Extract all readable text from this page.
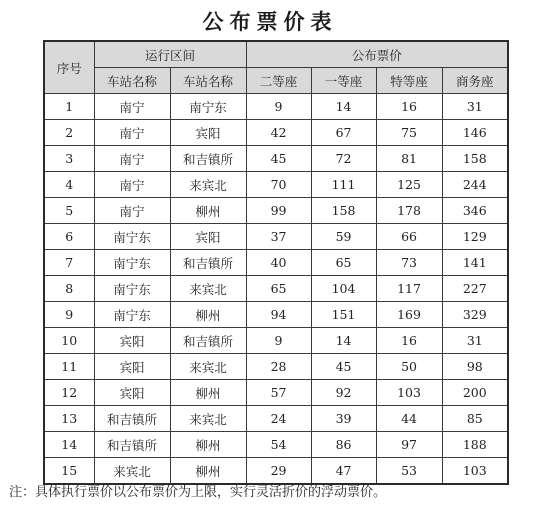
公布票价表
序号	运行区间		公布票价			
	车站名称	车站名称	二等座	一等座	特等座	商务座
1	南宁	南宁东	9	14	16	31
2	南宁	宾阳	42	67	75	146
3	南宁	和吉镇所	45	72	81	158
4	南宁	来宾北	70	111	125	244
5	南宁	柳州	99	158	178	346
6	南宁东	宾阳	37	59	66	129
7	南宁东	和吉镇所	40	65	73	141
8	南宁东	来宾北	65	104	117	227
9	南宁东	柳州	94	151	169	329
10	宾阳	和吉镇所	9	14	16	31
11	宾阳	来宾北	28	45	50	98
12	宾阳	柳州	57	92	103	200
13	和吉镇所	来宾北	24	39	44	85
14	和吉镇所	柳州	54	86	97	188
15	来宾北	柳州	29	47	53	103
注：具体执行票价以公布票价为上限，实行灵活折价的浮动票价。
